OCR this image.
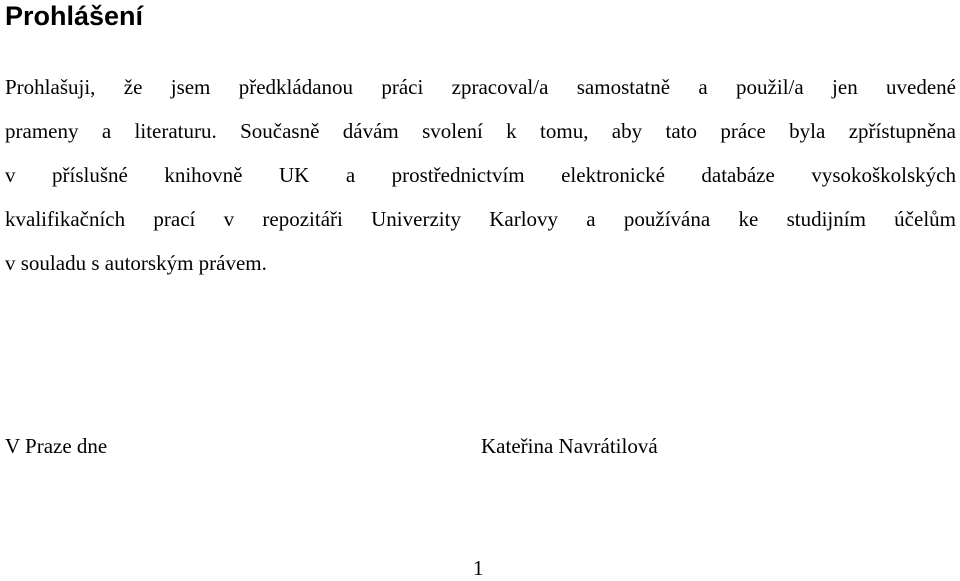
Prohlášení
Prohlašuji, že jsem předkládanou práci zpracoval/a samostatně a použil/a jen uvedené
prameny a literaturu. Současně dávám svolení k tomu, aby tato práce byla zpřístupněna
v příslušné knihovně UK a prostřednictvím elektronické databáze vysokoškolských
kvalifikačních prací v repozitáři Univerzity Karlovy a používána ke studijním účelům
v souladu s autorským právem.
V Praze dne	Kateřina Navrátilová
1
